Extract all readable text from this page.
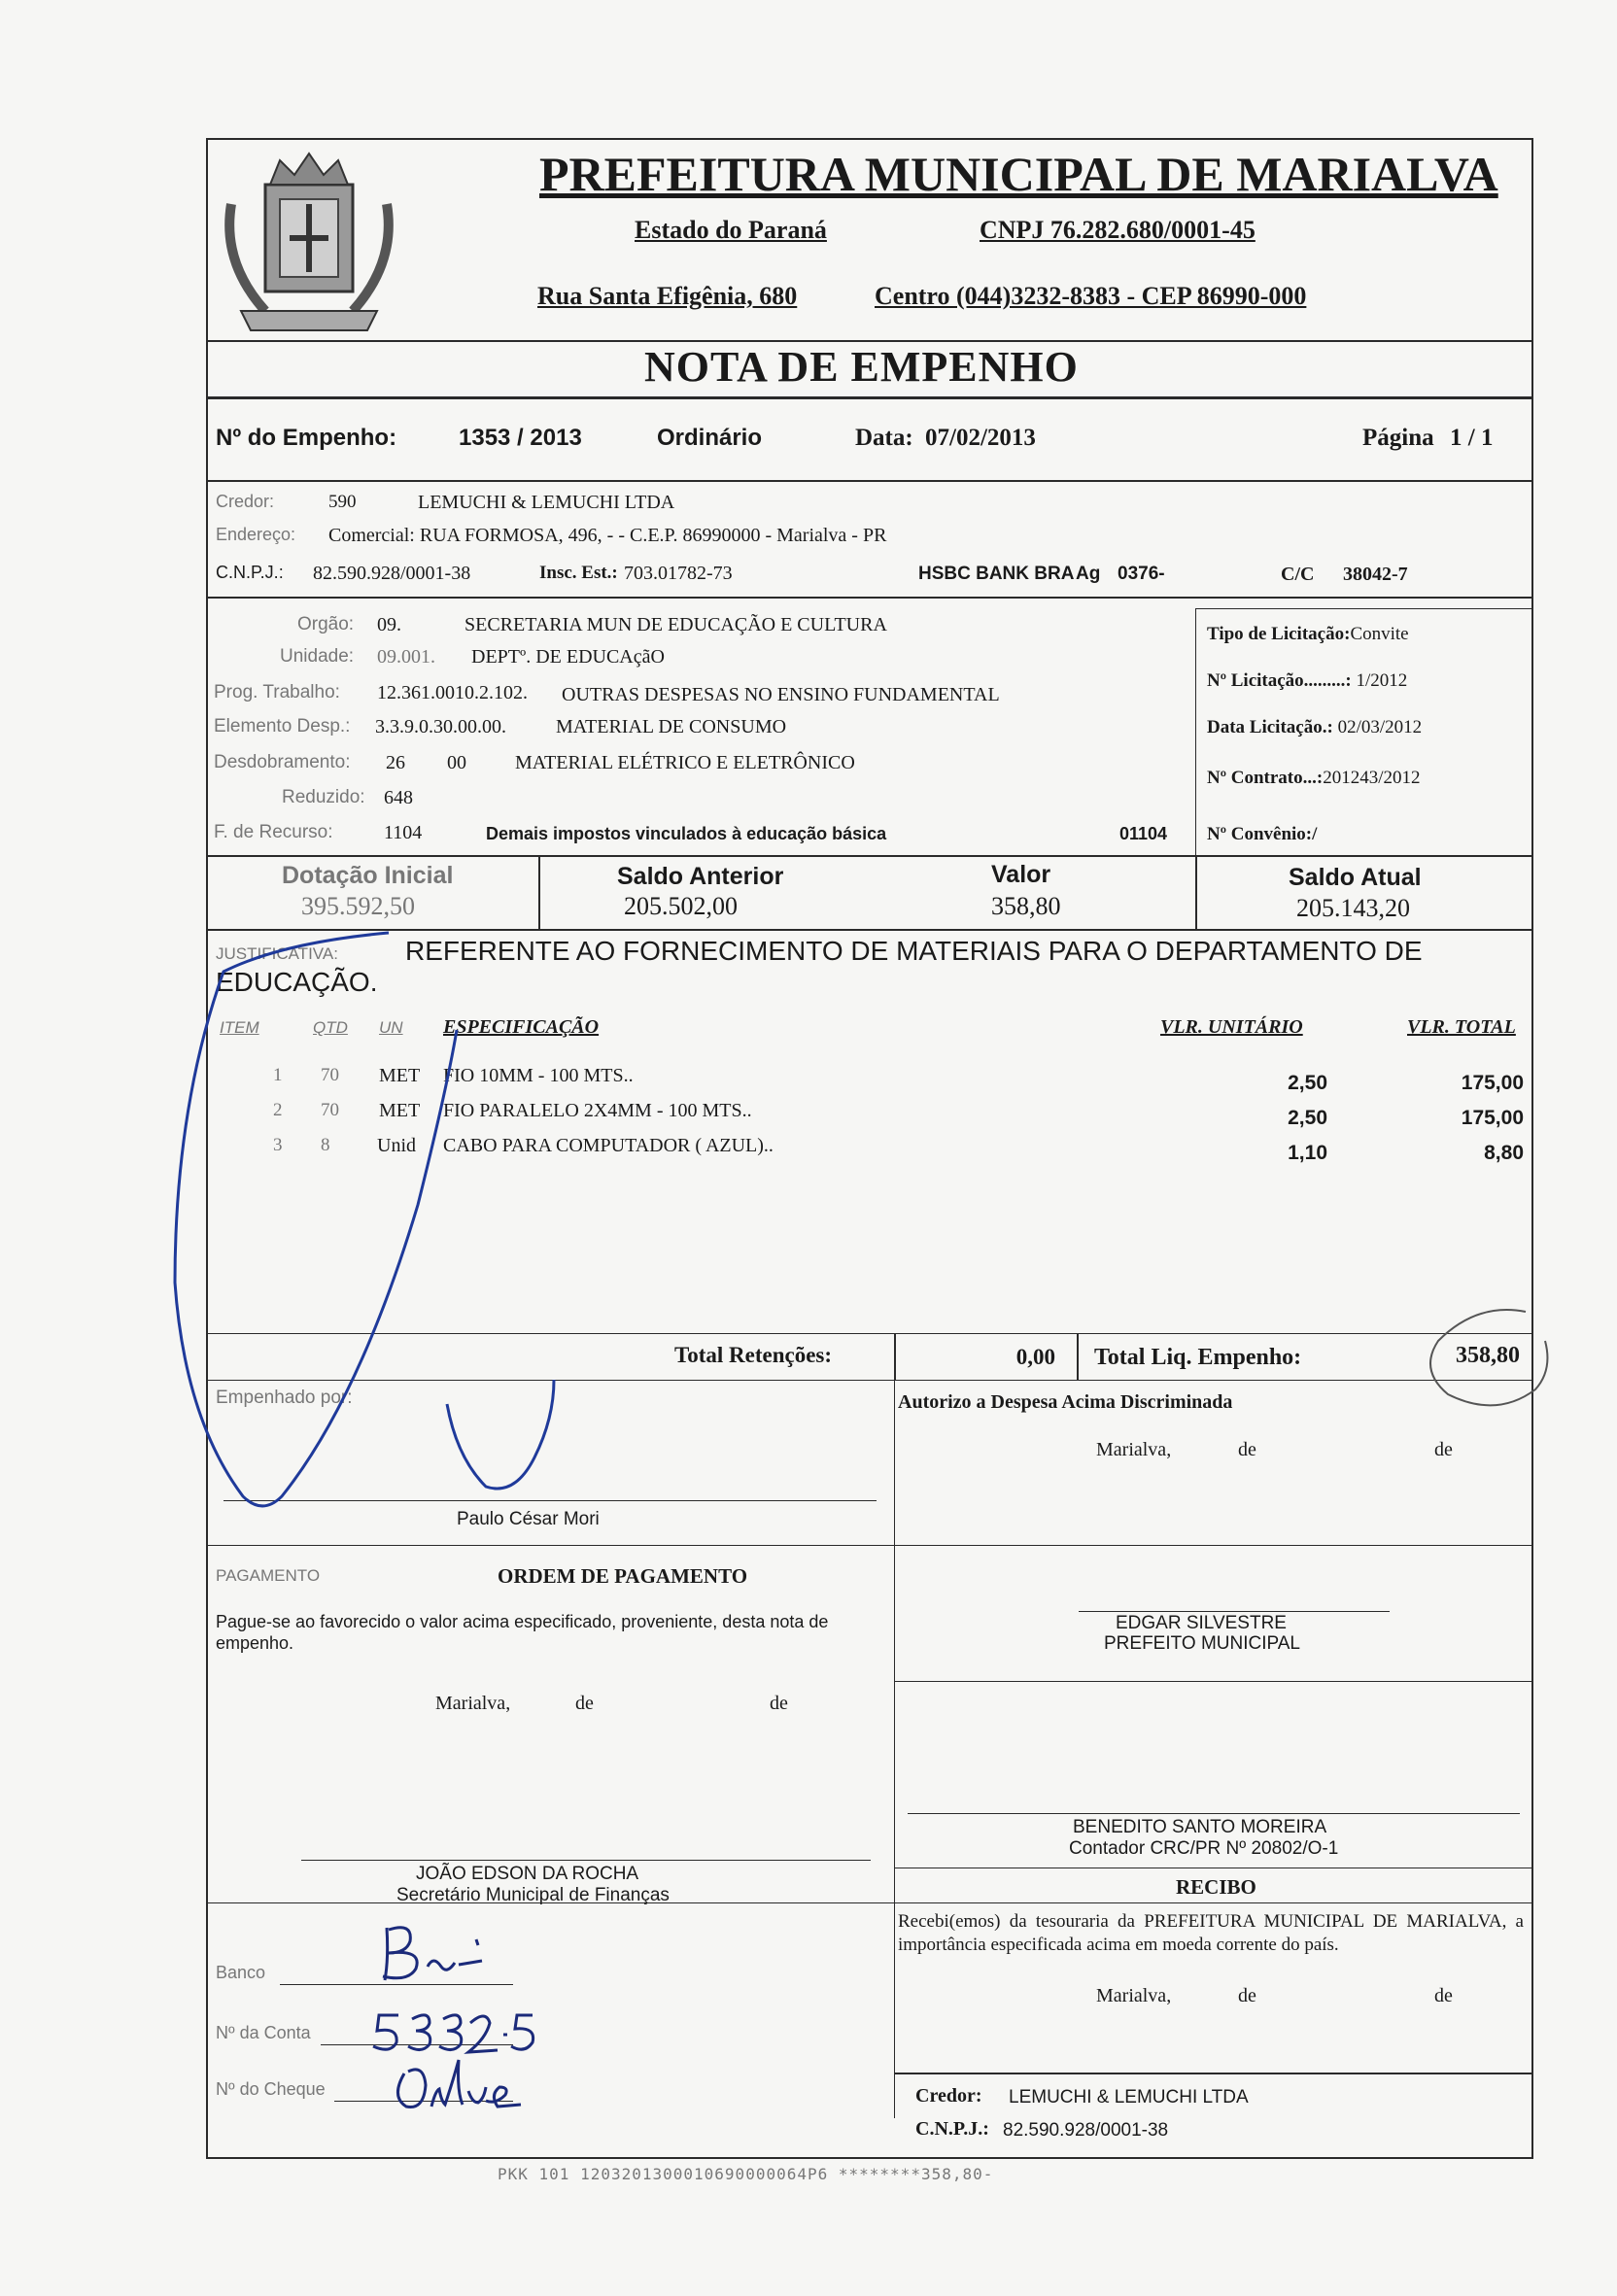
PREFEITURA MUNICIPAL DE MARIALVA
Estado do Paraná	CNPJ 76.282.680/0001-45
Rua Santa Efigênia, 680	Centro (044)3232-8383 - CEP 86990-000
NOTA DE EMPENHO
Nº do Empenho:	1353 / 2013	Ordinário	Data: 07/02/2013	Página 1 / 1
Credor:	590	LEMUCHI & LEMUCHI LTDA
Endereço: Comercial: RUA FORMOSA, 496, - - C.E.P. 86990000 - Marialva - PR
C.N.P.J.: 82.590.928/0001-38	Insc. Est.: 703.01782-73	HSBC BANK BRA Ag 0376-	C/C 38042-7
Orgão: 09.	SECRETARIA MUN DE EDUCAÇÃO E CULTURA
Unidade: 09.001. DEPTº. DE EDUCAçãO
Prog. Trabalho: 12.361.0010.2.102. OUTRAS DESPESAS NO ENSINO FUNDAMENTAL
Elemento Desp.: 3.3.9.0.30.00.00.	MATERIAL DE CONSUMO
Desdobramento: 26 00	MATERIAL ELÉTRICO E ELETRÔNICO
Reduzido: 648
F. de Recurso:	1104	Demais impostos vinculados à educação básica	01104
Tipo de Licitação:Convite
Nº Licitação.........: 1/2012
Data Licitação.: 02/03/2012
Nº Contrato...:201243/2012
Nº Convênio:/
Dotação Inicial
395.592,50
Saldo Anterior
205.502,00
Valor
358,80
Saldo Atual
205.143,20
JUSTIFICATIVA:	REFERENTE AO FORNECIMENTO DE MATERIAIS PARA O DEPARTAMENTO DE EDUCAÇÃO.
ITEM	QTD UN ESPECIFICAÇÃO	VLR. UNITÁRIO	VLR. TOTAL
1 70 MET FIO 10MM - 100 MTS..	2,50	175,00
2 70 MET FIO PARALELO 2X4MM - 100 MTS..	2,50	175,00
3 8 Unid CABO PARA COMPUTADOR ( AZUL)..	1,10	8,80
Total Retenções:	0,00 Total Liq. Empenho:	358,80
Empenhado por:
Paulo César Mori
Autorizo a Despesa Acima Discriminada
Marialva,	de	de
EDGAR SILVESTRE
PREFEITO MUNICIPAL
PAGAMENTO	ORDEM DE PAGAMENTO
Pague-se ao favorecido o valor acima especificado, proveniente, desta nota de empenho.
Marialva,	de	de
BENEDITO SANTO MOREIRA
Contador CRC/PR Nº 20802/O-1
JOÃO EDSON DA ROCHA
Secretário Municipal de Finanças	RECIBO
Recebi(emos) da tesouraria da PREFEITURA MUNICIPAL DE MARIALVA, a importância especificada acima em moeda corrente do país.
Marialva,	de	de
Credor: LEMUCHI & LEMUCHI LTDA
C.N.P.J.: 82.590.928/0001-38
Banco
Nº da Conta
Nº do Cheque
PKK 101 1203201300010690000064P6 ********358,80-
